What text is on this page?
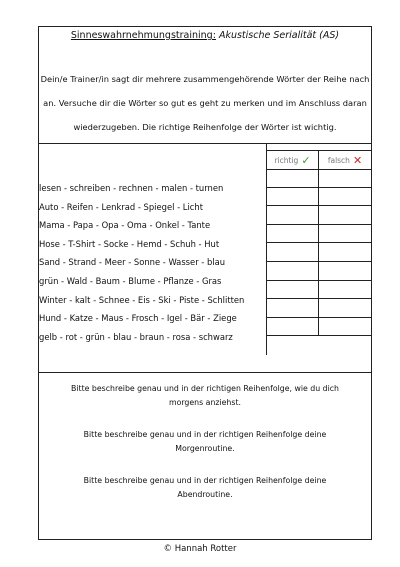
Sinneswahrnehmungstraining: Akustische Serialität (AS)
Dein/e Trainer/in sagt dir mehrere zusammengehörende Wörter der Reihe nach
an. Versuche dir die Wörter so gut es geht zu merken und im Anschluss daran
wiederzugeben. Die richtige Reihenfolge der Wörter ist wichtig.
richtig ✓ falsch ✕
lesen - schreiben - rechnen - malen - turnen
Auto - Reifen - Lenkrad - Spiegel - Licht
Mama - Papa - Opa - Oma - Onkel - Tante
Hose - T-Shirt - Socke - Hemd - Schuh - Hut
Sand - Strand - Meer - Sonne - Wasser - blau
grün - Wald - Baum - Blume - Pflanze - Gras
Winter - kalt - Schnee - Eis - Ski - Piste - Schlitten
Hund - Katze - Maus - Frosch - Igel - Bär - Ziege
gelb - rot - grün - blau - braun - rosa - schwarz
Bitte beschreibe genau und in der richtigen Reihenfolge, wie du dich
morgens anziehst.
Bitte beschreibe genau und in der richtigen Reihenfolge deine
Morgenroutine.
Bitte beschreibe genau und in der richtigen Reihenfolge deine
Abendroutine.
© Hannah Rotter
